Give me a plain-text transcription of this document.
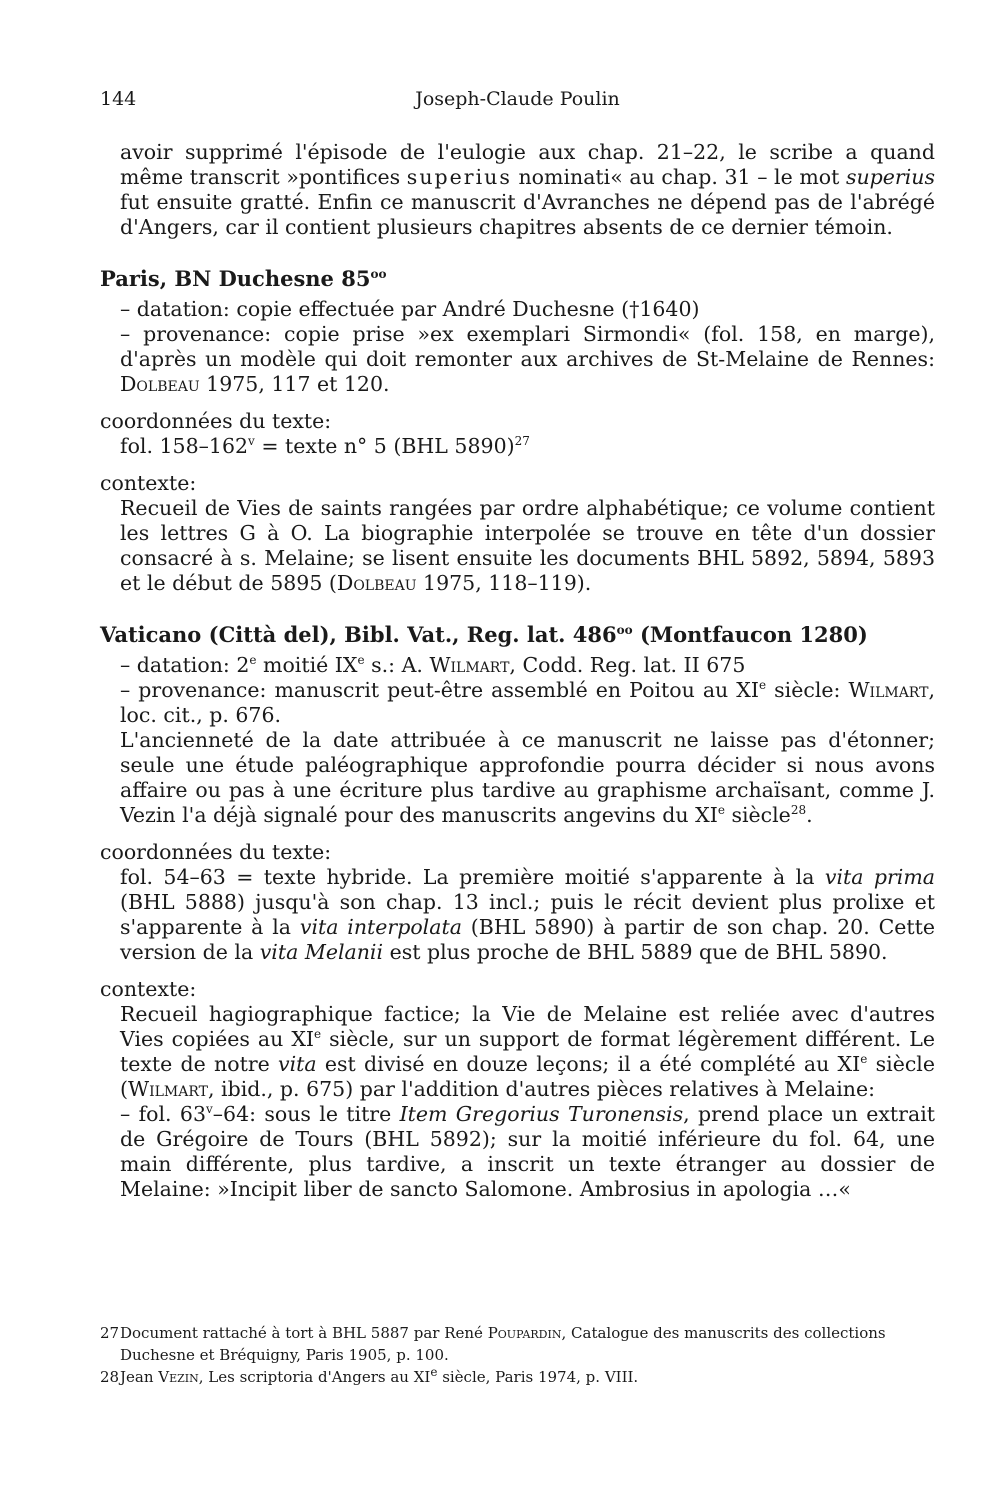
144	Joseph-Claude Poulin

avoir supprimé l'épisode de l'eulogie aux chap. 21–22, le scribe a quand même transcrit »pontifices superius nominati« au chap. 31 – le mot superius fut ensuite gratté. Enfin ce manuscrit d'Avranches ne dépend pas de l'abrégé d'Angers, car il contient plusieurs chapitres absents de ce dernier témoin.

Paris, BN Duchesne $85^{oo}$

– datation: copie effectuée par André Duchesne (†1640)

– provenance: copie prise »ex exemplari Sirmondi« (fol. 158, en marge), d'après un modèle qui doit remonter aux archives de St-Melaine de Rennes: Dolbeau 1975, 117 et 120.

coordonnées du texte:

fol. $158-162^v$ = texte n° 5 (BHL 5890)$^{27}$

contexte:

Recueil de Vies de saints rangées par ordre alphabétique; ce volume contient les lettres G à O. La biographie interpolée se trouve en tête d'un dossier consacré à s. Melaine; se lisent ensuite les documents BHL 5892, 5894, 5893 et le début de 5895 (Dolbeau 1975, 118–119).

Vaticano (Città del), Bibl. Vat., Reg. lat. $486^{oo}$ (Montfaucon 1280)

– datation: 2e moitié IXe s.: A. Wilmart, Codd. Reg. lat. II 675

– provenance: manuscrit peut-être assemblé en Poitou au XIe siècle: Wilmart, loc. cit., p. 676.

L'ancienneté de la date attribuée à ce manuscrit ne laisse pas d'étonner; seule une étude paléographique approfondie pourra décider si nous avons affaire ou pas à une écriture plus tardive au graphisme archaïsant, comme J. Vezin l'a déjà signalé pour des manuscrits angevins du XIe siècle$^{28}$.

coordonnées du texte:

fol. 54–63 = texte hybride. La première moitié s'apparente à la vita prima (BHL 5888) jusqu'à son chap. 13 incl.; puis le récit devient plus prolixe et s'apparente à la vita interpolata (BHL 5890) à partir de son chap. 20. Cette version de la vita Melanii est plus proche de BHL 5889 que de BHL 5890.

contexte:

Recueil hagiographique factice; la Vie de Melaine est reliée avec d'autres Vies copiées au XIe siècle, sur un support de format légèrement différent. Le texte de notre vita est divisé en douze leçons; il a été complété au XIe siècle (Wilmart, ibid., p. 675) par l'addition d'autres pièces relatives à Melaine:

– fol. 63$^v$–64: sous le titre Item Gregorius Turonensis, prend place un extrait de Grégoire de Tours (BHL 5892); sur la moitié inférieure du fol. 64, une main différente, plus tardive, a inscrit un texte étranger au dossier de Melaine: »Incipit liber de sancto Salomone. Ambrosius in apologia …«

27Document rattaché à tort à BHL 5887 par René Poupardin, Catalogue des manuscrits des collections Duchesne et Bréquigny, Paris 1905, p. 100.

28Jean Vezin, Les scriptoria d'Angers au XIe siècle, Paris 1974, p. VIII.
